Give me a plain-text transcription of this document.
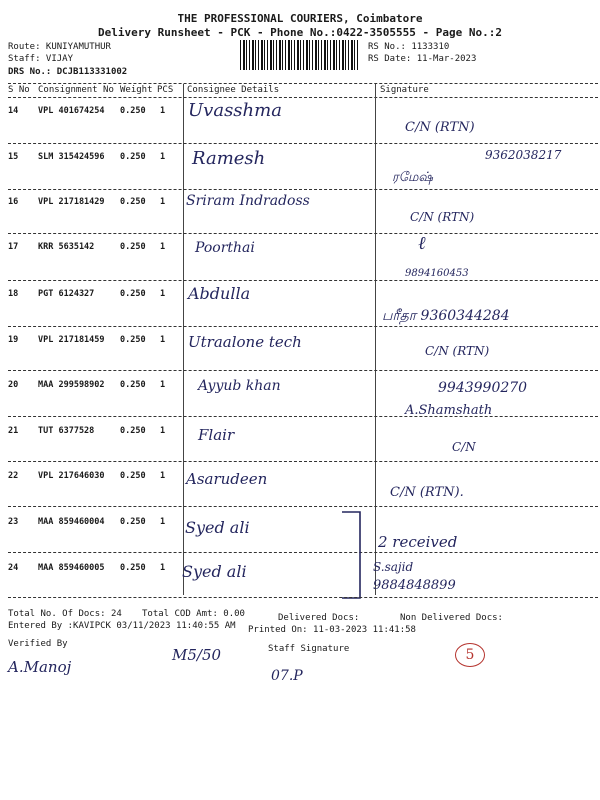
THE PROFESSIONAL COURIERS, Coimbatore
Delivery Runsheet - PCK - Phone No.:0422-3505555 - Page No.:2
Route: KUNIYAMUTHUR
Staff: VIJAY
DRS No.: DCJB113331002
RS No.: 1133310
RS Date: 11-Mar-2023
S No Consignment No Weight PCS Consignee Details	Signature
14 VPL 401674254 0.250 1 Uvasshma
C/N (RTN)
15 SLM 315424596 0.250 1 Ramesh	9362038217
ரமேஷ்
16 VPL 217181429 0.250 1 Sriram Indradoss
C/N (RTN)
17 KRR 5635142	0.250 1 Poorthai	ℓ
9894160453
18 PGT 6124327	0.250 1 Abdulla
பரீதா 9360344284
19 VPL 217181459 0.250 1 Utraalone tech	C/N (RTN)
20 MAA 299598902 0.250 1 Ayyub khan	9943990270
A.Shamshath
21 TUT 6377528	0.250 1 Flair
C/N
22 VPL 217646030 0.250 1 Asarudeen
C/N (RTN).
23 MAA 859460004 0.250 1 Syed ali
2 received
24 MAA 859460005 0.250 1 Syed ali	S.sajid
9884848899
Total No. Of Docs: 24 Total COD Amt: 0.00	Delivered Docs:	Non Delivered Docs:
Entered By :KAVIPCK 03/11/2023 11:40:55 AM Printed On: 11-03-2023 11:41:58
Verified By	Staff Signature
A.Manoj
M5/50
07.P
5
